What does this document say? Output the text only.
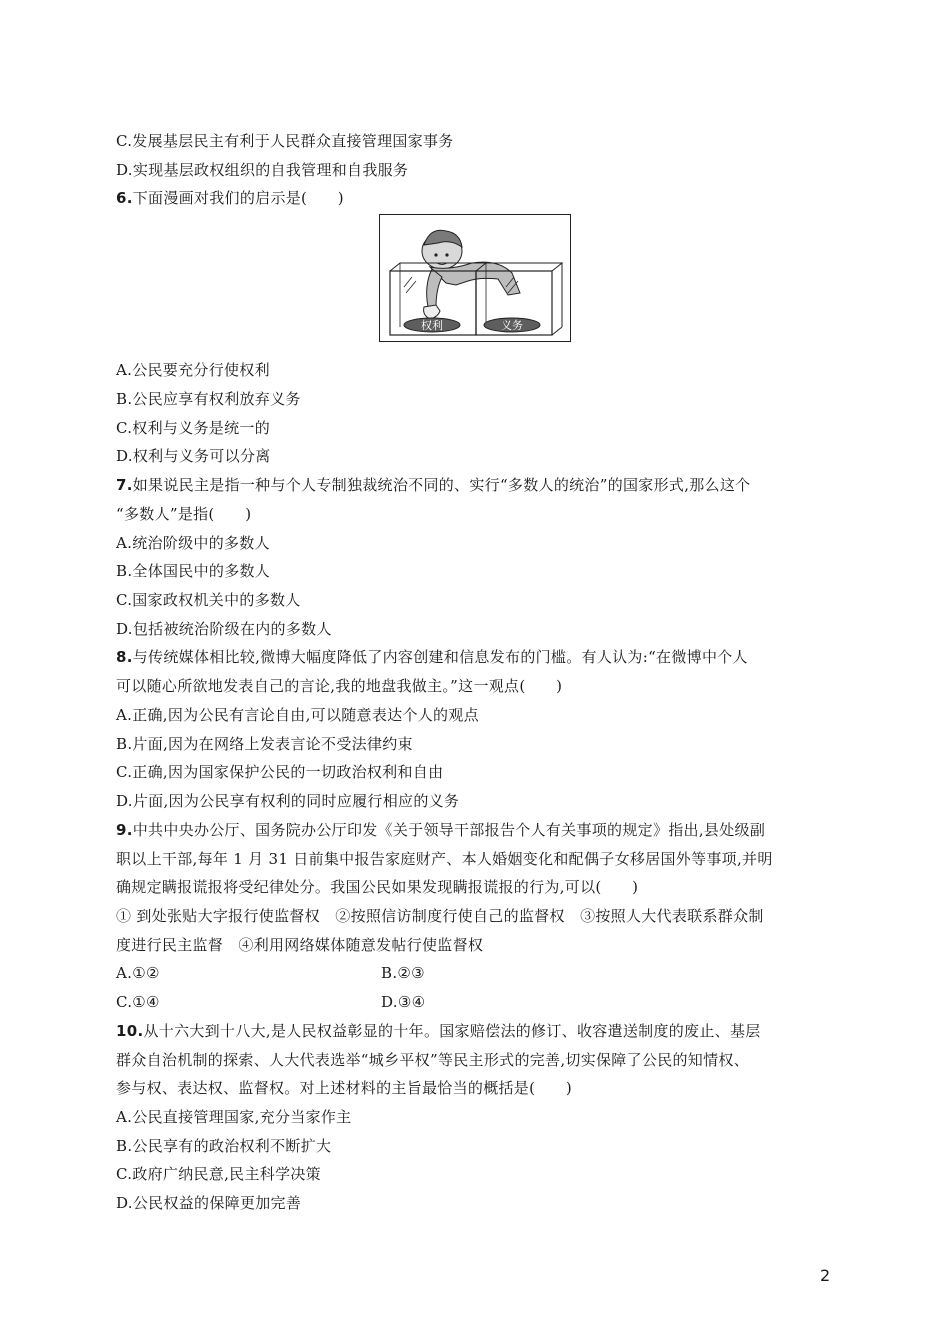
C.发展基层民主有利于人民群众直接管理国家事务
D.实现基层政权组织的自我管理和自我服务
6.下面漫画对我们的启示是(　　)
权利	义务
A.公民要充分行使权利
B.公民应享有权利放弃义务
C.权利与义务是统一的
D.权利与义务可以分离
7.如果说民主是指一种与个人专制独裁统治不同的、实行“多数人的统治”的国家形式,那么这个
“多数人”是指(　　)
A.统治阶级中的多数人
B.全体国民中的多数人
C.国家政权机关中的多数人
D.包括被统治阶级在内的多数人
8.与传统媒体相比较,微博大幅度降低了内容创建和信息发布的门槛。有人认为:“在微博中个人
可以随心所欲地发表自己的言论,我的地盘我做主。”这一观点(　　)
A.正确,因为公民有言论自由,可以随意表达个人的观点
B.片面,因为在网络上发表言论不受法律约束
C.正确,因为国家保护公民的一切政治权利和自由
D.片面,因为公民享有权利的同时应履行相应的义务
9.中共中央办公厅、国务院办公厅印发《关于领导干部报告个人有关事项的规定》指出,县处级副
职以上干部,每年 1 月 31 日前集中报告家庭财产、本人婚姻变化和配偶子女移居国外等事项,并明
确规定瞒报谎报将受纪律处分。我国公民如果发现瞒报谎报的行为,可以(　　)
① 到处张贴大字报行使监督权　②按照信访制度行使自己的监督权　③按照人大代表联系群众制
度进行民主监督　④利用网络媒体随意发帖行使监督权
A.①②	B.②③
C.①④	D.③④
10.从十六大到十八大,是人民权益彰显的十年。国家赔偿法的修订、收容遣送制度的废止、基层
群众自治机制的探索、人大代表选举“城乡平权”等民主形式的完善,切实保障了公民的知情权、
参与权、表达权、监督权。对上述材料的主旨最恰当的概括是(　　)
A.公民直接管理国家,充分当家作主
B.公民享有的政治权利不断扩大
C.政府广纳民意,民主科学决策
D.公民权益的保障更加完善
2
